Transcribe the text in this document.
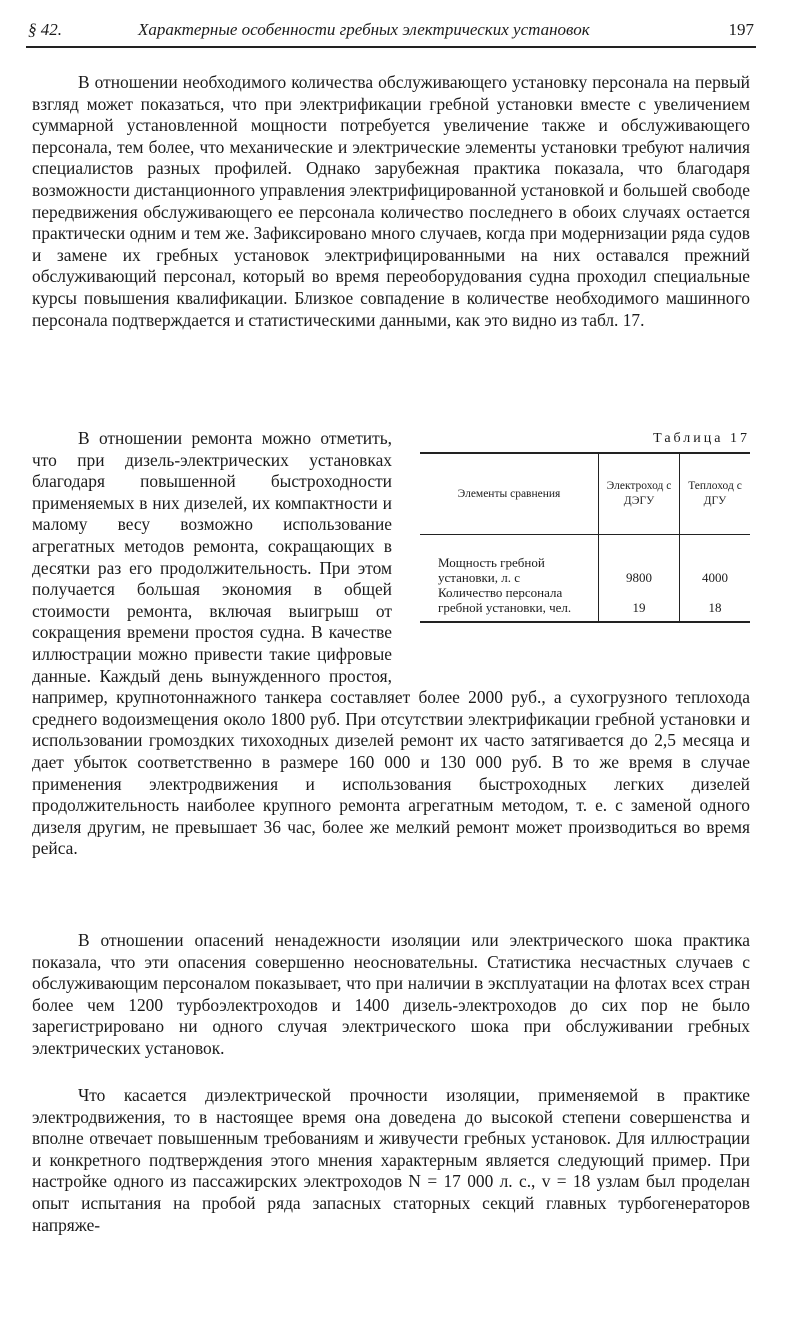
§ 42.	Характерные особенности гребных электрических установок	197

В отношении необходимого количества обслуживающего установку персонала на первый взгляд может показаться, что при электрификации гребной установки вместе с увеличением суммарной установленной мощности потребуется увеличение также и обслуживающего персонала, тем более, что механические и электрические элементы установки требуют наличия специалистов разных профилей. Однако зарубежная практика показала, что благодаря возможности дистанционного управления электрифицированной установкой и большей свободе передвижения обслуживающего ее персонала количество последнего в обоих случаях остается практически одним и тем же. Зафиксировано много случаев, когда при модернизации ряда судов и замене их гребных установок электрифицированными на них оставался прежний обслуживающий персонал, который во время переоборудования судна проходил специальные курсы повышения квалификации. Близкое совпадение в количестве необходимого машинного персонала подтверждается и статистическими данными, как это видно из табл. 17.

Таблица 17
Элементы сравнения	Электроход с ДЭГУ	Теплоход с ДГУ
Мощность гребной установки, л. с	9800	4000
Количество персонала гребной установки, чел.	19	18
В отношении ремонта можно отметить, что при дизель-электрических установках благодаря повышенной быстроходности применяемых в них дизелей, их компактности и малому весу возможно использование агрегатных методов ремонта, сокращающих в десятки раз его продолжительность. При этом получается большая экономия в общей стоимости ремонта, включая выигрыш от сокращения времени простоя судна. В качестве иллюстрации можно привести такие цифровые данные. Каждый день вынужденного простоя, например, крупнотоннажного танкера составляет более 2000 руб., а сухогрузного теплохода среднего водоизмещения около 1800 руб. При отсутствии электрификации гребной установки и использовании громоздких тихоходных дизелей ремонт их часто затягивается до 2,5 месяца и дает убыток соответственно в размере 160 000 и 130 000 руб. В то же время в случае применения электродвижения и использования быстроходных легких дизелей продолжительность наиболее крупного ремонта агрегатным методом, т. е. с заменой одного дизеля другим, не превышает 36 час, более же мелкий ремонт может производиться во время рейса.

В отношении опасений ненадежности изоляции или электрического шока практика показала, что эти опасения совершенно неосновательны. Статистика несчастных случаев с обслуживающим персоналом показывает, что при наличии в эксплуатации на флотах всех стран более чем 1200 турбоэлектроходов и 1400 дизель-электроходов до сих пор не было зарегистрировано ни одного случая электрического шока при обслуживании гребных электрических установок.

Что касается диэлектрической прочности изоляции, применяемой в практике электродвижения, то в настоящее время она доведена до высокой степени совершенства и вполне отвечает повышенным требованиям и живучести гребных установок. Для иллюстрации и конкретного подтверждения этого мнения характерным является следующий пример. При настройке одного из пассажирских электроходов N = 17 000 л. с., v = 18 узлам был проделан опыт испытания на пробой ряда запасных статорных секций главных турбогенераторов напряже-
